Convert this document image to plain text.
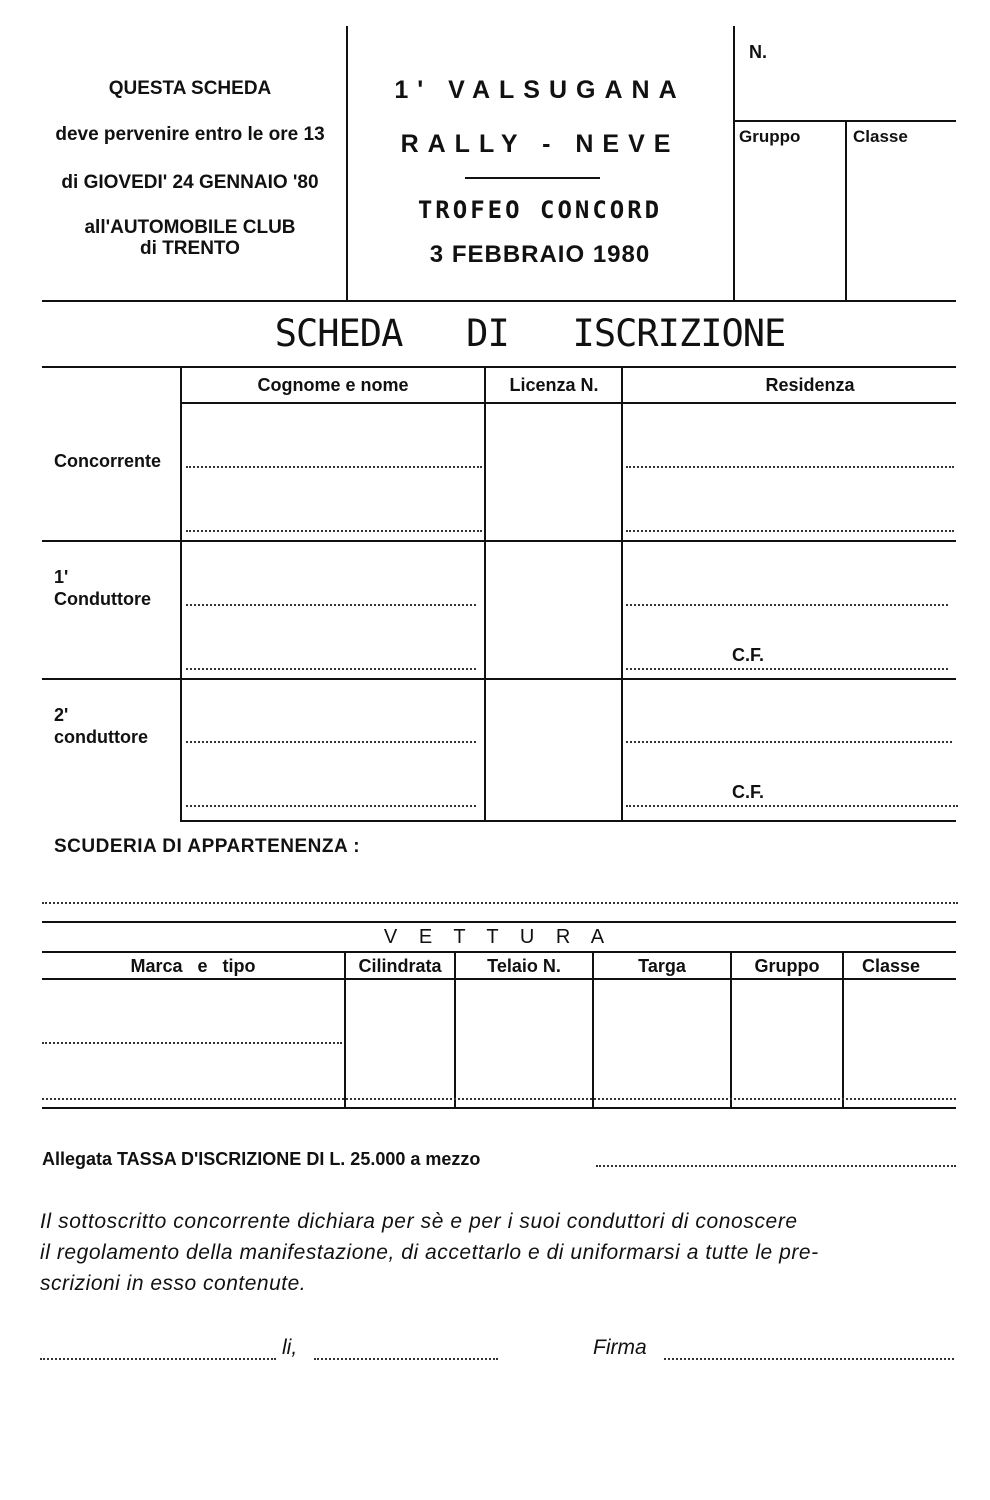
QUESTA SCHEDA
deve pervenire entro le ore 13
di GIOVEDI' 24 GENNAIO '80
all'AUTOMOBILE CLUB
di TRENTO
1' VALSUGANA
RALLY - NEVE
TROFEO CONCORD
3 FEBBRAIO 1980
N.
Gruppo	Classe
SCHEDA   DI   ISCRIZIONE
Cognome e nome	Licenza N.	Residenza
Concorrente
1'
Conduttore
C.F.
2'
conduttore
C.F.
SCUDERIA DI APPARTENENZA :
V E T T U R A
Marca   e   tipo	Cilindrata	Telaio N.	Targa	Gruppo	Classe
Allegata TASSA D'ISCRIZIONE DI L. 25.000 a mezzo
Il sottoscritto concorrente dichiara per sè e per i suoi conduttori di conoscere
il regolamento della manifestazione, di accettarlo e di uniformarsi a tutte le pre-
scrizioni in esso contenute.
li,	Firma
